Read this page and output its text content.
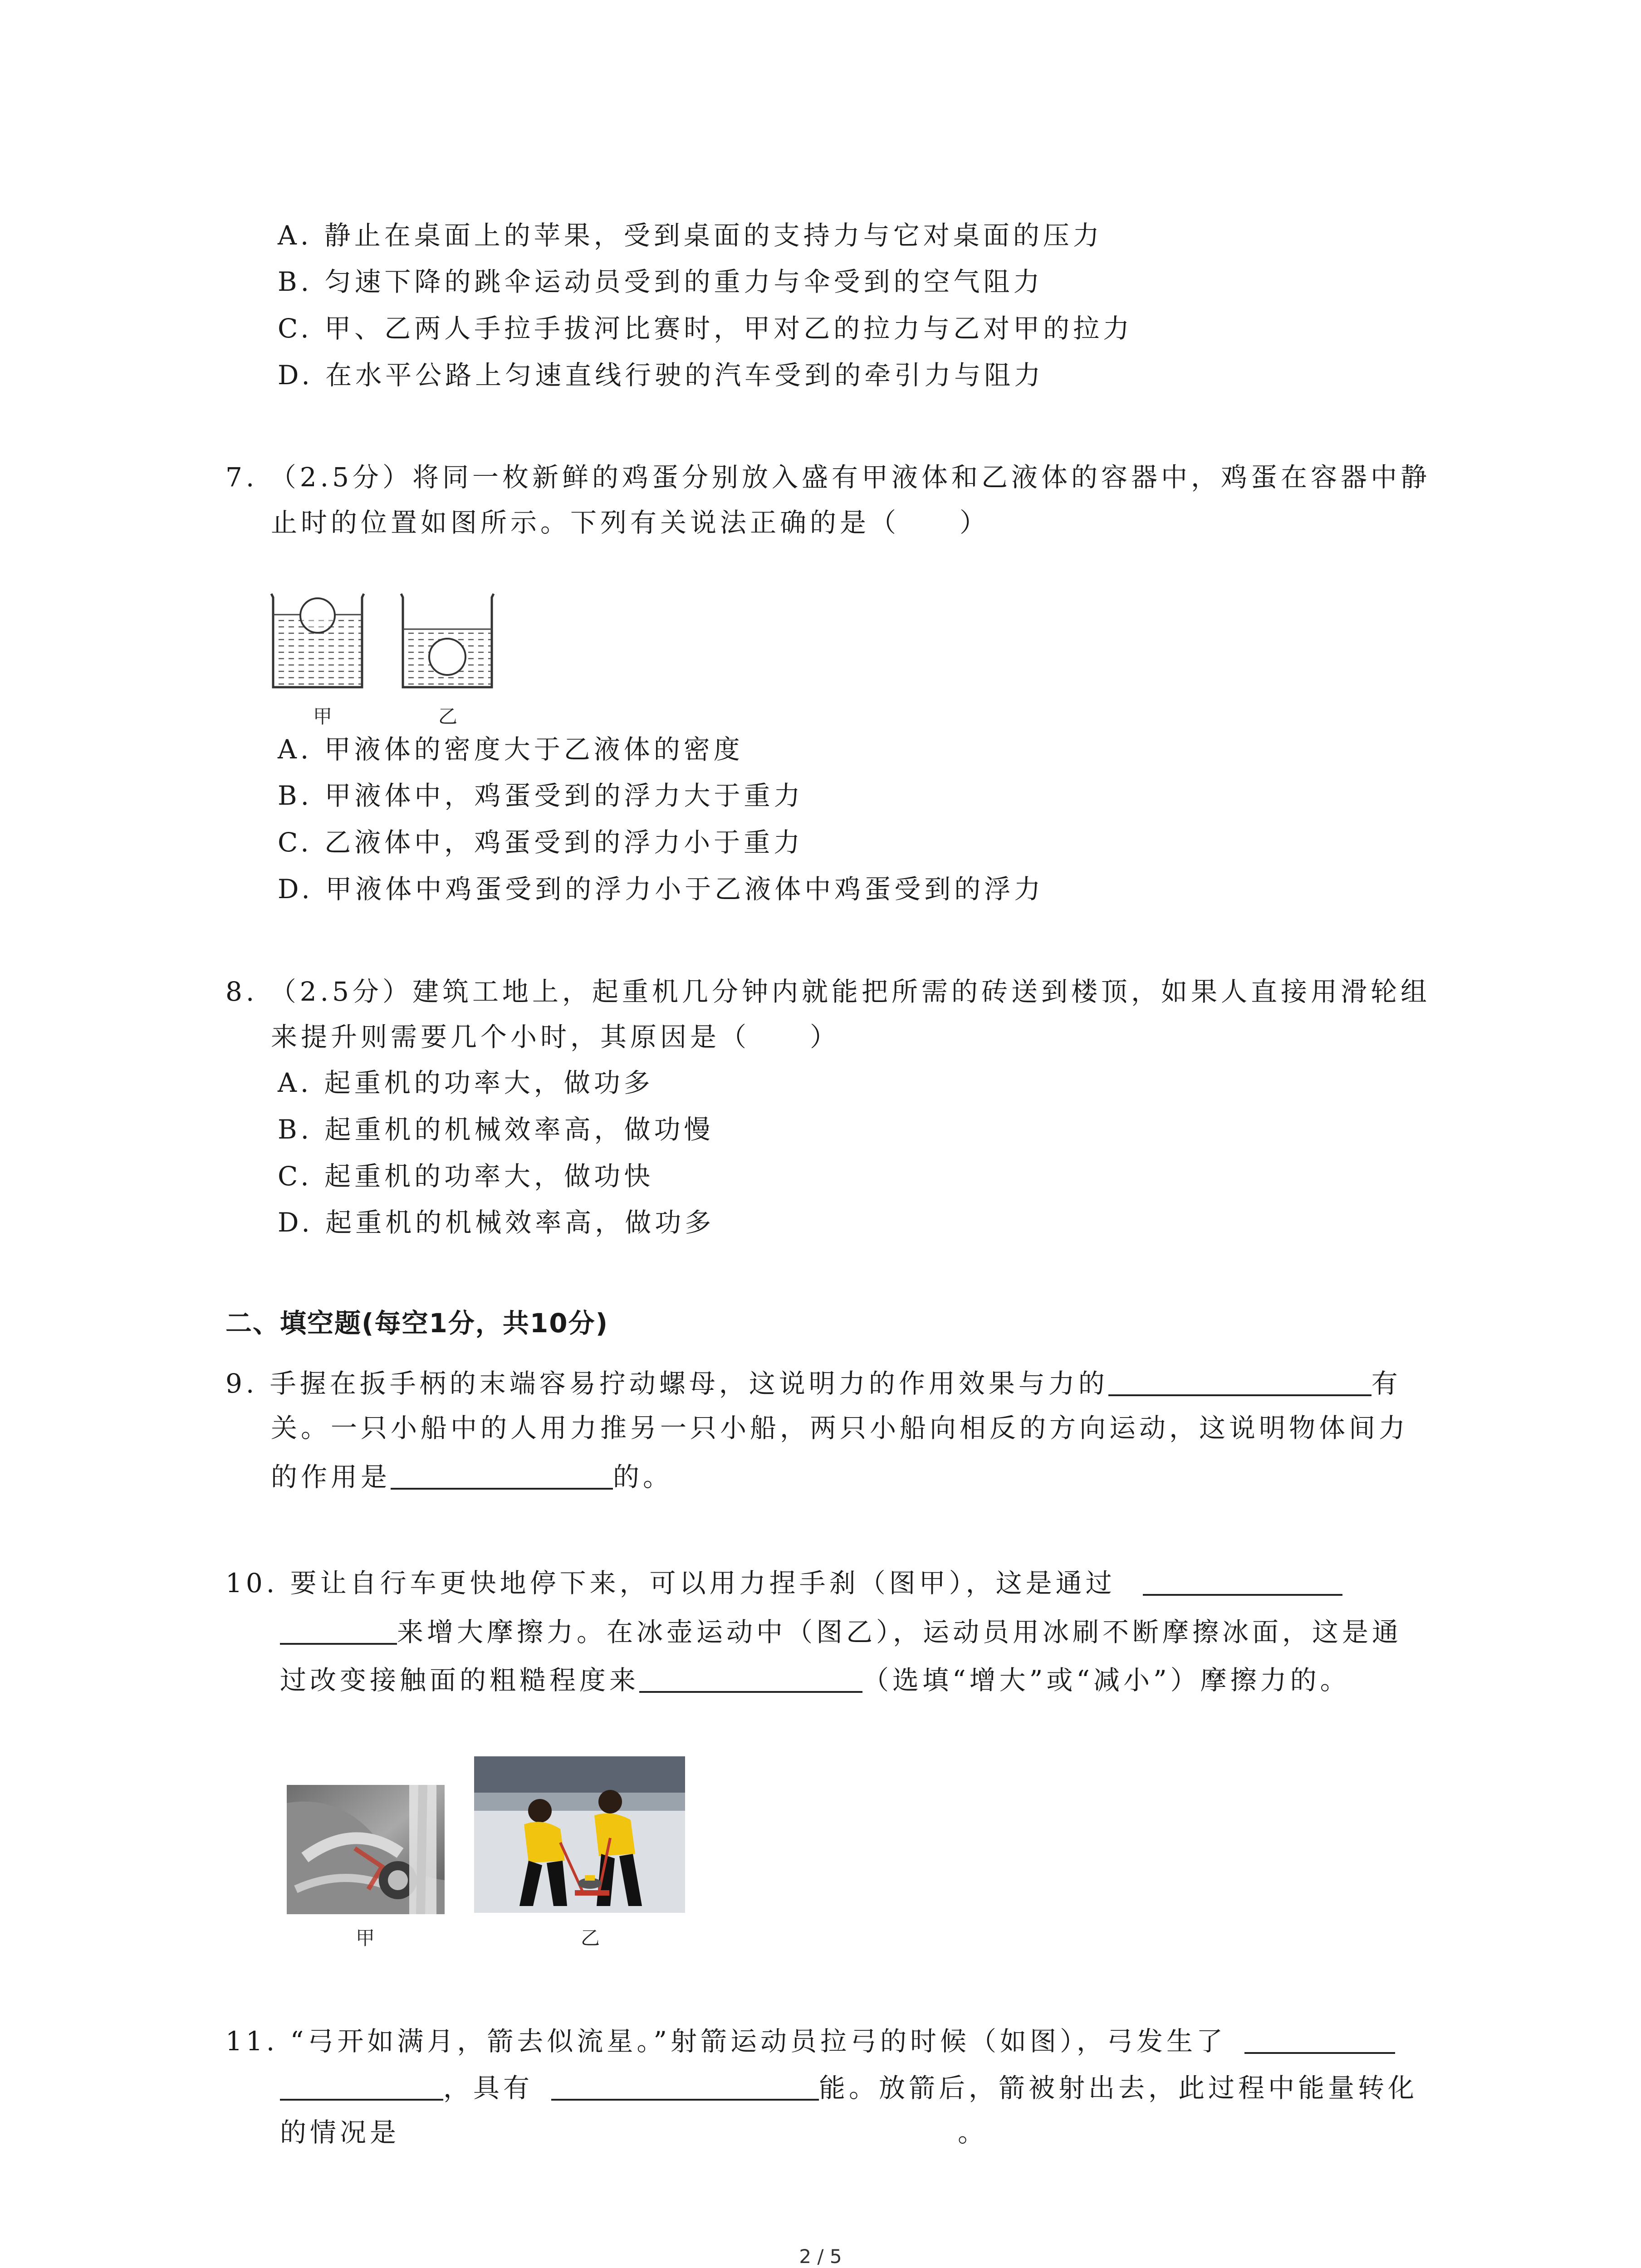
A. 静止在桌面上的苹果，受到桌面的支持力与它对桌面的压力
B. 匀速下降的跳伞运动员受到的重力与伞受到的空气阻力
C. 甲、乙两人手拉手拔河比赛时，甲对乙的拉力与乙对甲的拉力
D. 在水平公路上匀速直线行驶的汽车受到的牵引力与阻力
7. （2.5分）将同一枚新鲜的鸡蛋分别放入盛有甲液体和乙液体的容器中，鸡蛋在容器中静
止时的位置如图所示。下列有关说法正确的是（　　）
甲	乙
A. 甲液体的密度大于乙液体的密度
B. 甲液体中，鸡蛋受到的浮力大于重力
C. 乙液体中，鸡蛋受到的浮力小于重力
D. 甲液体中鸡蛋受到的浮力小于乙液体中鸡蛋受到的浮力
8. （2.5分）建筑工地上，起重机几分钟内就能把所需的砖送到楼顶，如果人直接用滑轮组
来提升则需要几个小时，其原因是（　　）
A. 起重机的功率大，做功多
B. 起重机的机械效率高，做功慢
C. 起重机的功率大，做功快
D. 起重机的机械效率高，做功多
二、填空题(每空1分，共10分)
9. 手握在扳手柄的末端容易拧动螺母，这说明力的作用效果与力的	有
关。一只小船中的人用力推另一只小船，两只小船向相反的方向运动，这说明物体间力
的作用是	的。
10. 要让自行车更快地停下来，可以用力捏手刹（图甲），这是通过
来增大摩擦力。在冰壶运动中（图乙），运动员用冰刷不断摩擦冰面，这是通
过改变接触面的粗糙程度来	（选填“增大”或“减小”）摩擦力的。
甲	乙
11. “弓开如满月，箭去似流星。”射箭运动员拉弓的时候（如图），弓发生了
，具有	能。放箭后，箭被射出去，此过程中能量转化
的情况是	。
2 / 5
